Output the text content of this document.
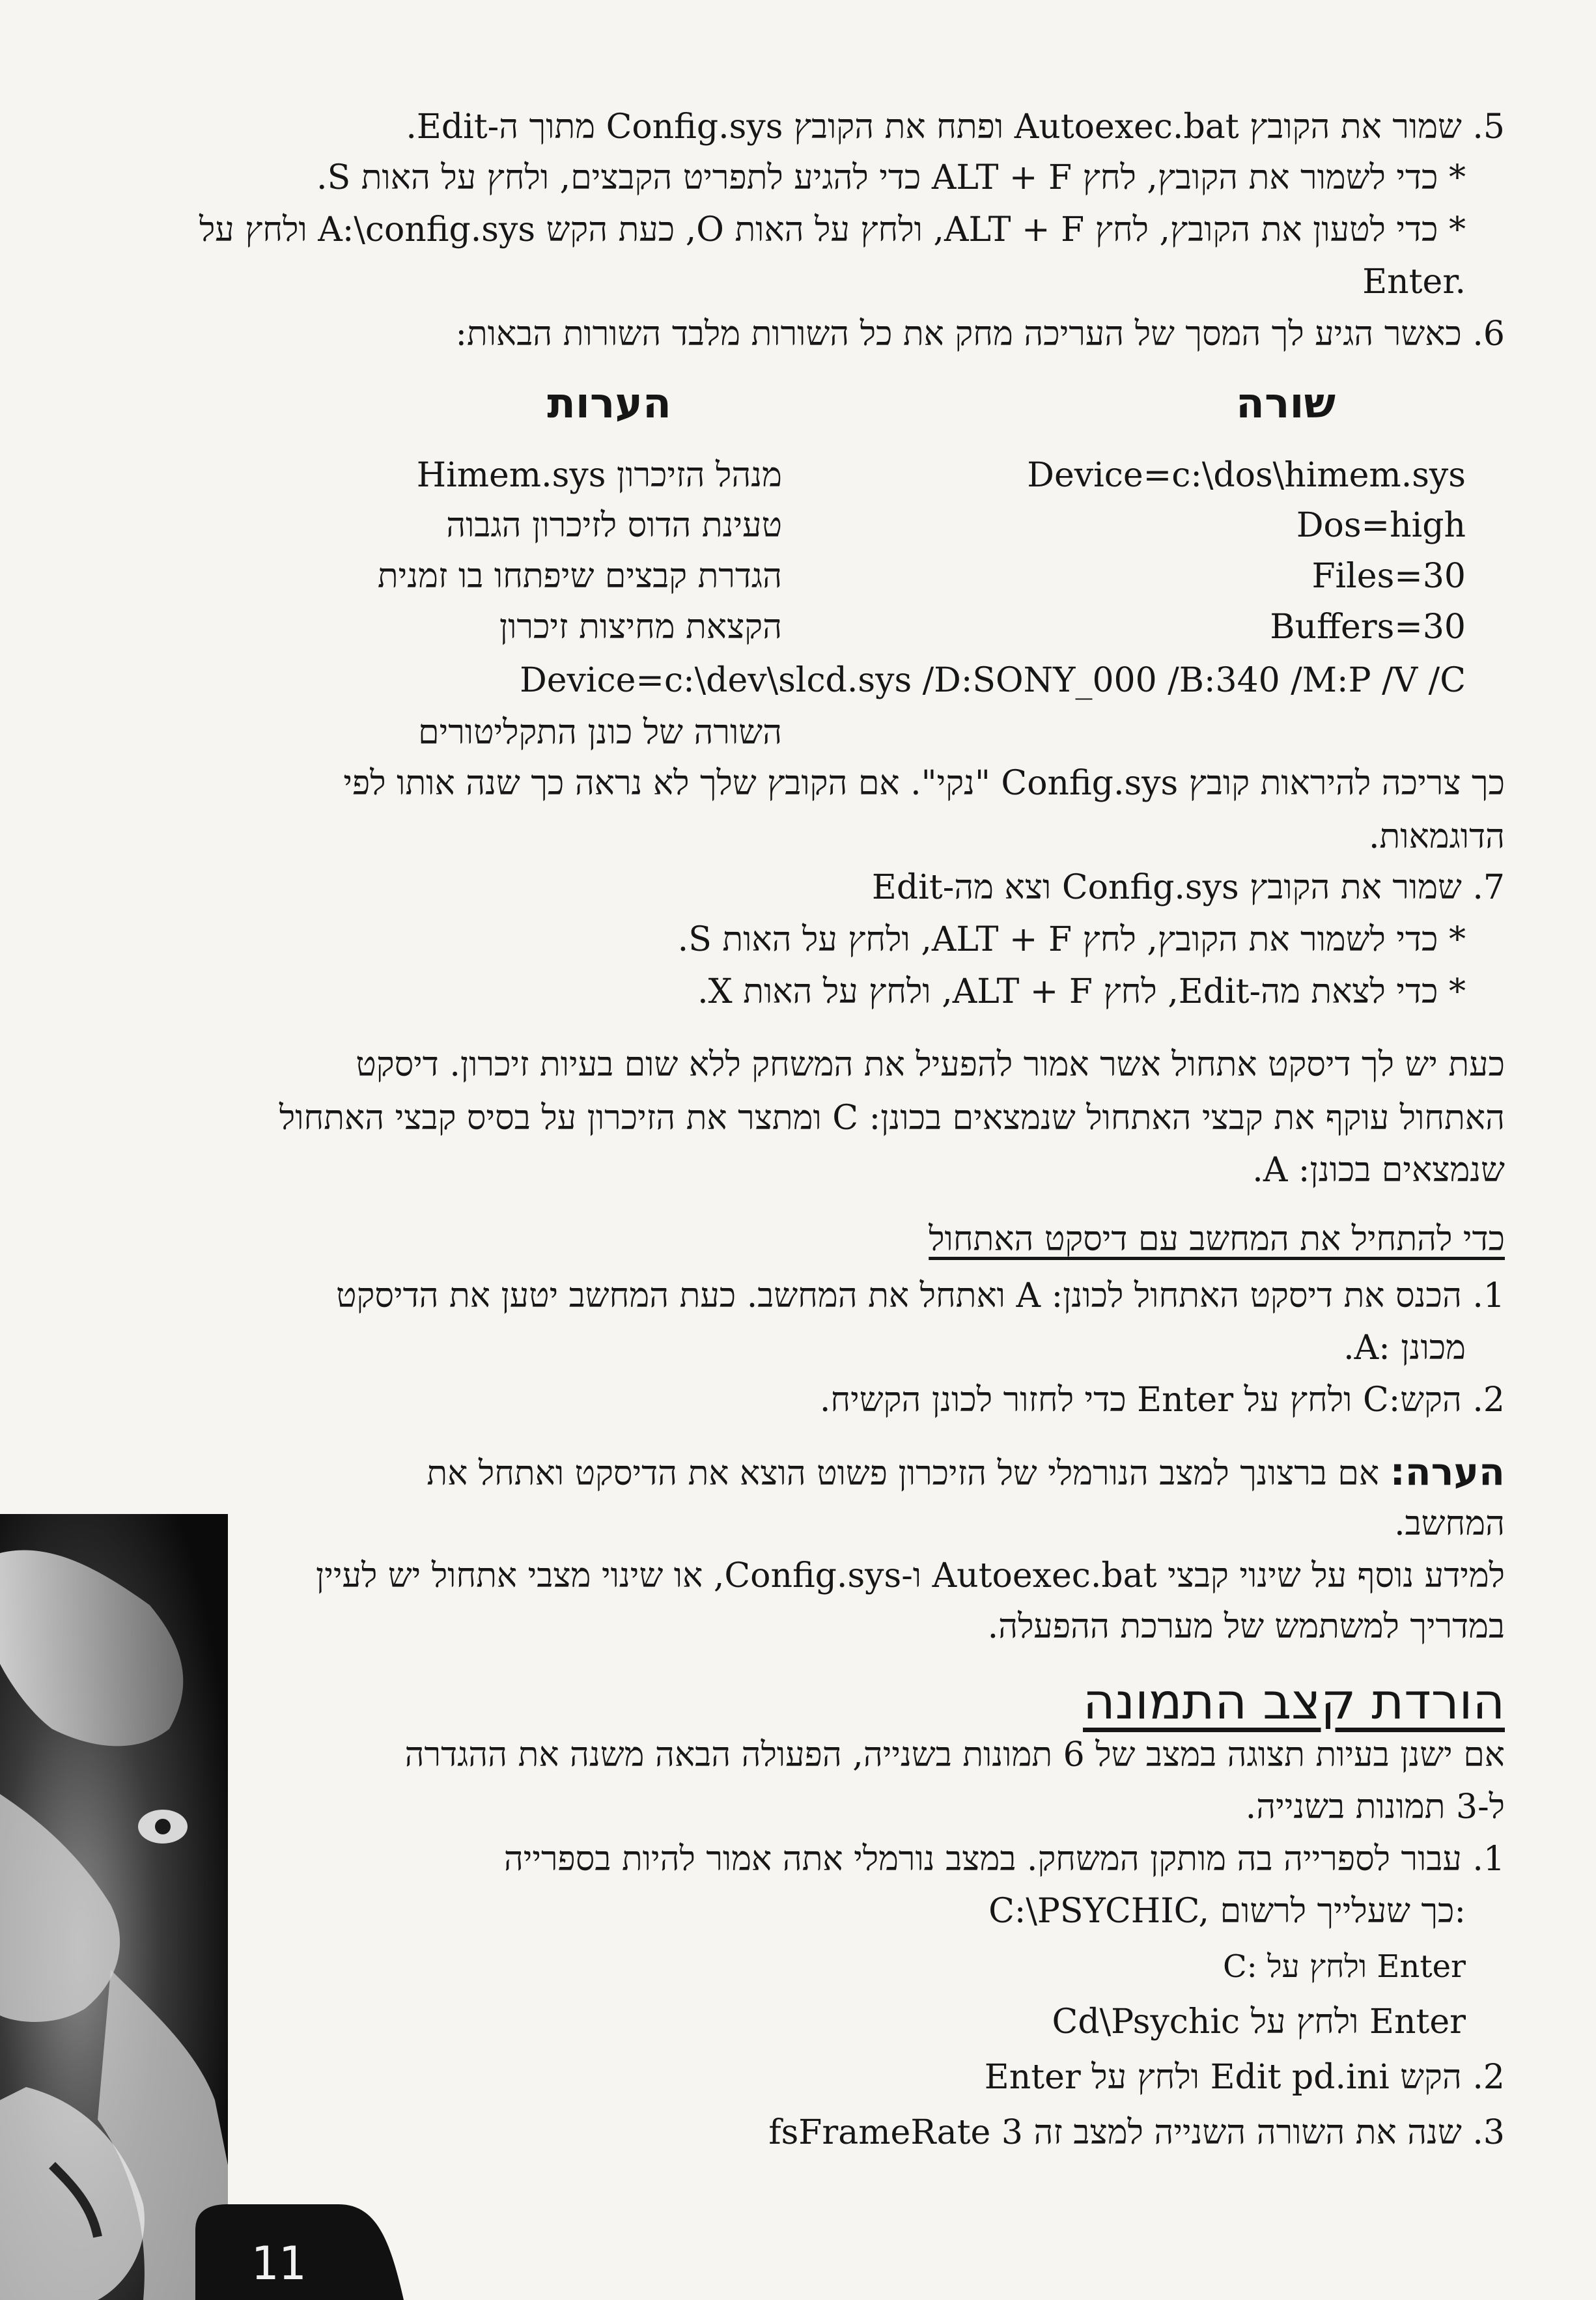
5. שמור את הקובץ Autoexec.bat ופתח את הקובץ Config.sys מתוך ה-Edit.
* כדי לשמור את הקובץ, לחץ ALT + F כדי להגיע לתפריט הקבצים, ולחץ על האות S.
* כדי לטעון את הקובץ, לחץ ALT + F, ולחץ על האות O, כעת הקש A:\config.sys ולחץ על
Enter.
6. כאשר הגיע לך המסך של העריכה מחק את כל השורות מלבד השורות הבאות:
שורה
הערות
Device=c:\dos\himem.sys
מנהל הזיכרון Himem.sys
Dos=high
טעינת הדוס לזיכרון הגבוה
Files=30
הגדרת קבצים שיפתחו בו זמנית
Buffers=30
הקצאת מחיצות זיכרון
Device=c:\dev\slcd.sys /D:SONY_000 /B:340 /M:P /V /C
השורה של כונן התקליטורים
כך צריכה להיראות קובץ Config.sys "נקי". אם הקובץ שלך לא נראה כך שנה אותו לפי
הדוגמאות.
7. שמור את הקובץ Config.sys וצא מה-Edit
* כדי לשמור את הקובץ, לחץ ALT + F, ולחץ על האות S.
* כדי לצאת מה-Edit, לחץ ALT + F, ולחץ על האות X.
כעת יש לך דיסקט אתחול אשר אמור להפעיל את המשחק ללא שום בעיות זיכרון. דיסקט
האתחול עוקף את קבצי האתחול שנמצאים בכונן: C ומתצר את הזיכרון על בסיס קבצי האתחול
שנמצאים בכונן: A.
כדי להתחיל את המחשב עם דיסקט האתחול
1. הכנס את דיסקט האתחול לכונן: A ואתחל את המחשב. כעת המחשב יטען את הדיסקט
מכונן :A.
2. הקש:C ולחץ על Enter כדי לחזור לכונן הקשיח.
הערה: אם ברצונך למצב הנורמלי של הזיכרון פשוט הוצא את הדיסקט ואתחל את
המחשב.
למידע נוסף על שינוי קבצי Autoexec.bat ו-Config.sys, או שינוי מצבי אתחול יש לעיין
במדריך למשתמש של מערכת ההפעלה.
הורדת קצב התמונה
אם ישנן בעיות תצוגה במצב של 6 תמונות בשנייה, הפעולה הבאה משנה את ההגדרה
ל-3 תמונות בשנייה.
1. עבור לספרייה בה מותקן המשחק. במצב נורמלי אתה אמור להיות בספרייה
C:\PSYCHIC, כך שעלייך לרשום:
C: ולחץ על Enter
Cd\Psychic ולחץ על Enter
2. הקש Edit pd.ini ולחץ על Enter
3. שנה את השורה השנייה למצב זה fsFrameRate 3
11
